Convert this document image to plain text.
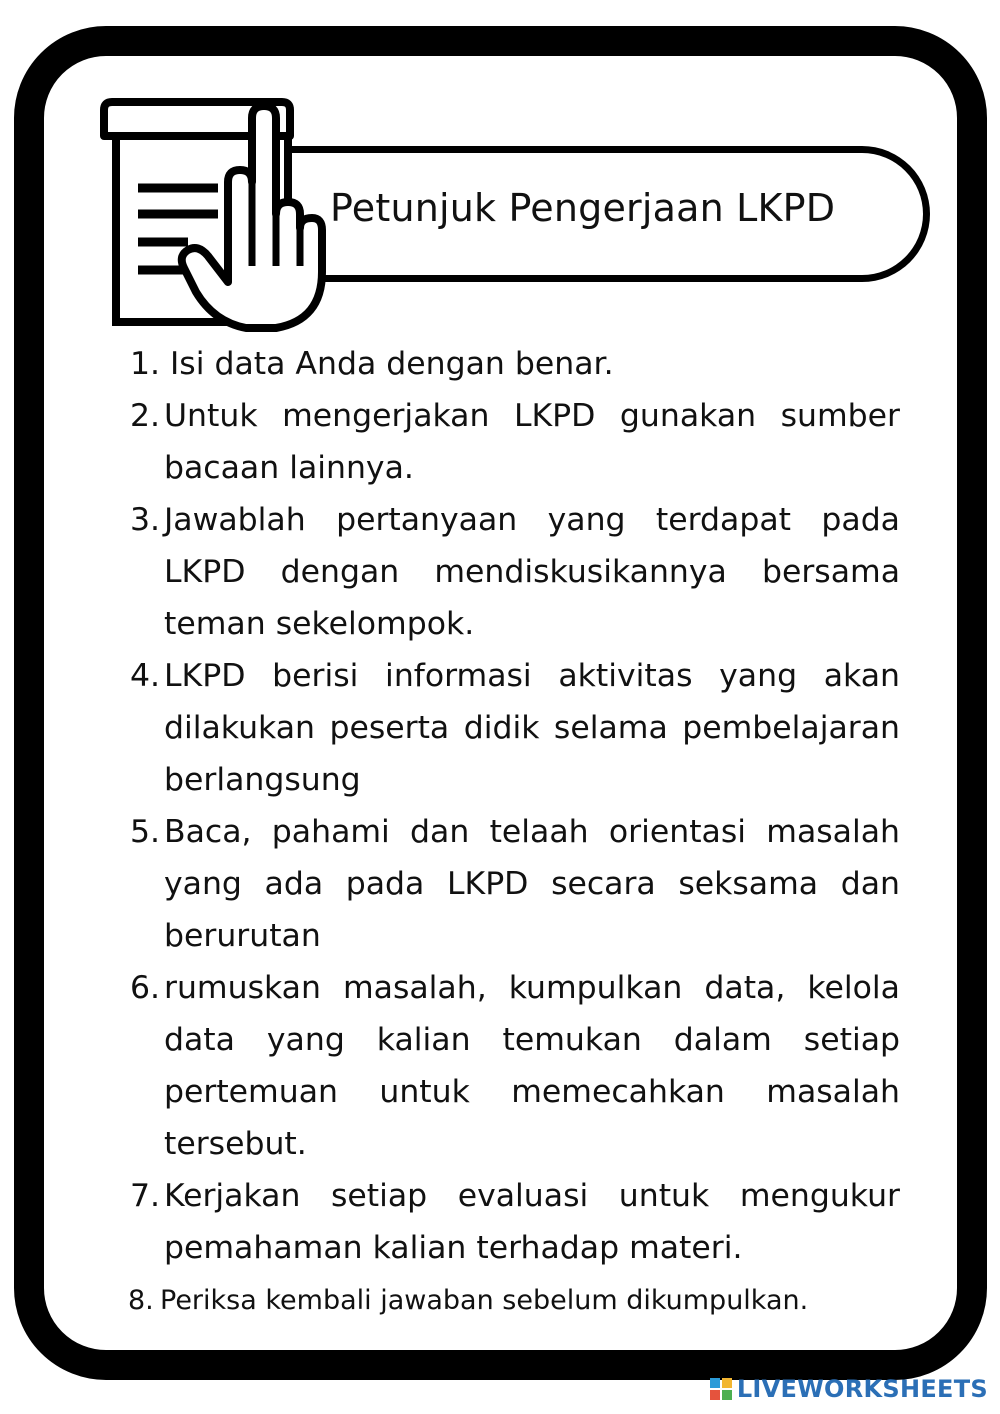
Petunjuk Pengerjaan LKPD
1. Isi data Anda dengan benar.
2. Untuk mengerjakan LKPD gunakan sumber bacaan lainnya.
3. Jawablah pertanyaan yang terdapat pada LKPD dengan mendiskusikannya bersama teman sekelompok.
4. LKPD berisi informasi aktivitas yang akan dilakukan peserta didik selama pembelajaran berlangsung
5. Baca, pahami dan telaah orientasi masalah yang ada pada LKPD secara seksama dan berurutan
6. rumuskan masalah, kumpulkan data, kelola data yang kalian temukan dalam setiap pertemuan untuk memecahkan masalah tersebut.
7. Kerjakan setiap evaluasi untuk mengukur pemahaman kalian terhadap materi.
8. Periksa kembali jawaban sebelum dikumpulkan.
LIVEWORKSHEETS
